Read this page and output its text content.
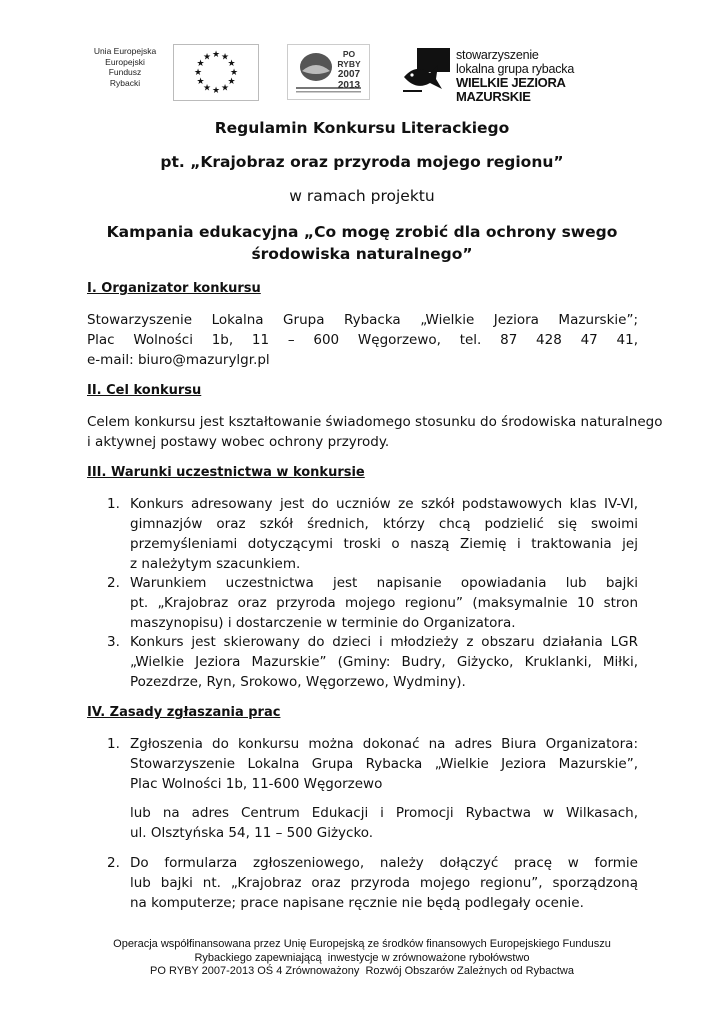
Unia Europejska
Europejski
Fundusz
Rybacki
★ ★
★
★
★
★
★
★
★
★
★
★	PO RYBY
2007
2013
stowarzyszenie
lokalna grupa rybacka
WIELKIE JEZIORA MAZURSKIE
Regulamin Konkursu Literackiego
pt. „Krajobraz oraz przyroda mojego regionu”
w ramach projektu
Kampania edukacyjna „Co mogę zrobić dla ochrony swego
środowiska naturalnego”
I. Organizator konkursu
Stowarzyszenie Lokalna Grupa Rybacka „Wielkie Jeziora Mazurskie”;
Plac Wolności 1b, 11 – 600 Węgorzewo, tel. 87 428 47 41,
e-mail: biuro@mazurylgr.pl
II. Cel konkursu
Celem konkursu jest kształtowanie świadomego stosunku do środowiska naturalnego
i aktywnej postawy wobec ochrony przyrody.
III. Warunki uczestnictwa w konkursie
1. Konkurs adresowany jest do uczniów ze szkół podstawowych klas IV-VI,
gimnazjów oraz szkół średnich, którzy chcą podzielić się swoimi
przemyśleniami dotyczącymi troski o naszą Ziemię i traktowania jej
z należytym szacunkiem.
2. Warunkiem uczestnictwa jest napisanie opowiadania lub bajki
pt. „Krajobraz oraz przyroda mojego regionu” (maksymalnie 10 stron
maszynopisu) i dostarczenie w terminie do Organizatora.
3. Konkurs jest skierowany do dzieci i młodzieży z obszaru działania LGR
„Wielkie Jeziora Mazurskie” (Gminy: Budry, Giżycko, Kruklanki, Miłki,
Pozezdrze, Ryn, Srokowo, Węgorzewo, Wydminy).
IV. Zasady zgłaszania prac
1. Zgłoszenia do konkursu można dokonać na adres Biura Organizatora:
Stowarzyszenie Lokalna Grupa Rybacka „Wielkie Jeziora Mazurskie”,
Plac Wolności 1b, 11-600 Węgorzewo
lub na adres Centrum Edukacji i Promocji Rybactwa w Wilkasach,
ul. Olsztyńska 54, 11 – 500 Giżycko.
2. Do formularza zgłoszeniowego, należy dołączyć pracę w formie
lub bajki nt. „Krajobraz oraz przyroda mojego regionu”, sporządzoną
na komputerze; prace napisane ręcznie nie będą podlegały ocenie.
Operacja współfinansowana przez Unię Europejską ze środków finansowych Europejskiego Funduszu
Rybackiego zapewniającą  inwestycje w zrównoważone rybołówstwo
PO RYBY 2007-2013 OŚ 4 Zrównoważony  Rozwój Obszarów Zależnych od Rybactwa
